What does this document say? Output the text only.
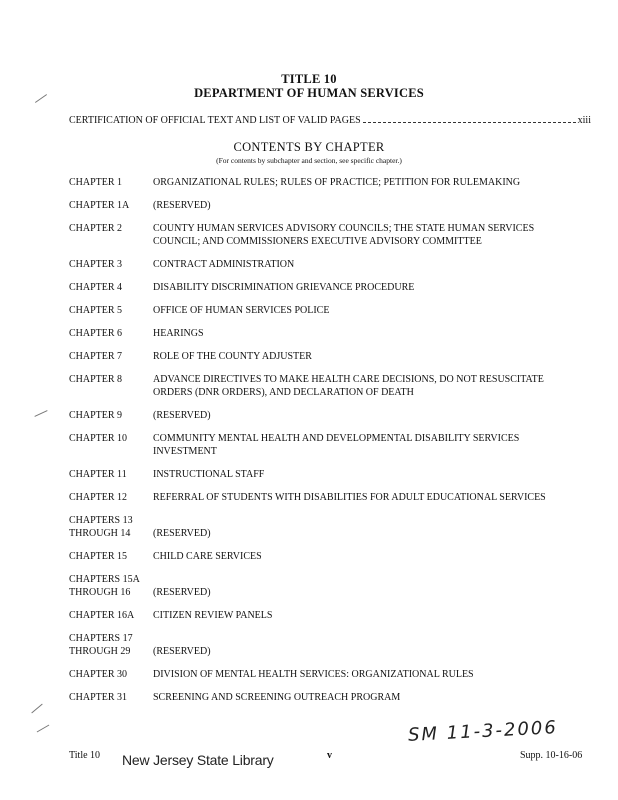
TITLE 10
DEPARTMENT OF HUMAN SERVICES
CERTIFICATION OF OFFICIAL TEXT AND LIST OF VALID PAGES	xiii
CONTENTS BY CHAPTER
(For contents by subchapter and section, see specific chapter.)
CHAPTER 1	ORGANIZATIONAL RULES; RULES OF PRACTICE; PETITION FOR RULEMAKING
CHAPTER 1A	(RESERVED)
CHAPTER 2	COUNTY HUMAN SERVICES ADVISORY COUNCILS; THE STATE HUMAN SERVICES COUNCIL; AND COMMISSIONERS EXECUTIVE ADVISORY COMMITTEE
CHAPTER 3	CONTRACT ADMINISTRATION
CHAPTER 4	DISABILITY DISCRIMINATION GRIEVANCE PROCEDURE
CHAPTER 5	OFFICE OF HUMAN SERVICES POLICE
CHAPTER 6	HEARINGS
CHAPTER 7	ROLE OF THE COUNTY ADJUSTER
CHAPTER 8	ADVANCE DIRECTIVES TO MAKE HEALTH CARE DECISIONS, DO NOT RESUSCITATE ORDERS (DNR ORDERS), AND DECLARATION OF DEATH
CHAPTER 9	(RESERVED)
CHAPTER 10	COMMUNITY MENTAL HEALTH AND DEVELOPMENTAL DISABILITY SERVICES INVESTMENT
CHAPTER 11	INSTRUCTIONAL STAFF
CHAPTER 12	REFERRAL OF STUDENTS WITH DISABILITIES FOR ADULT EDUCATIONAL SERVICES
CHAPTERS 13
THROUGH 14	(RESERVED)
CHAPTER 15	CHILD CARE SERVICES
CHAPTERS 15A
THROUGH 16	(RESERVED)
CHAPTER 16A	CITIZEN REVIEW PANELS
CHAPTERS 17
THROUGH 29	(RESERVED)
CHAPTER 30	DIVISION OF MENTAL HEALTH SERVICES: ORGANIZATIONAL RULES
CHAPTER 31	SCREENING AND SCREENING OUTREACH PROGRAM
SM 11-3-2006
Title 10 New Jersey State Library	v	Supp. 10-16-06
